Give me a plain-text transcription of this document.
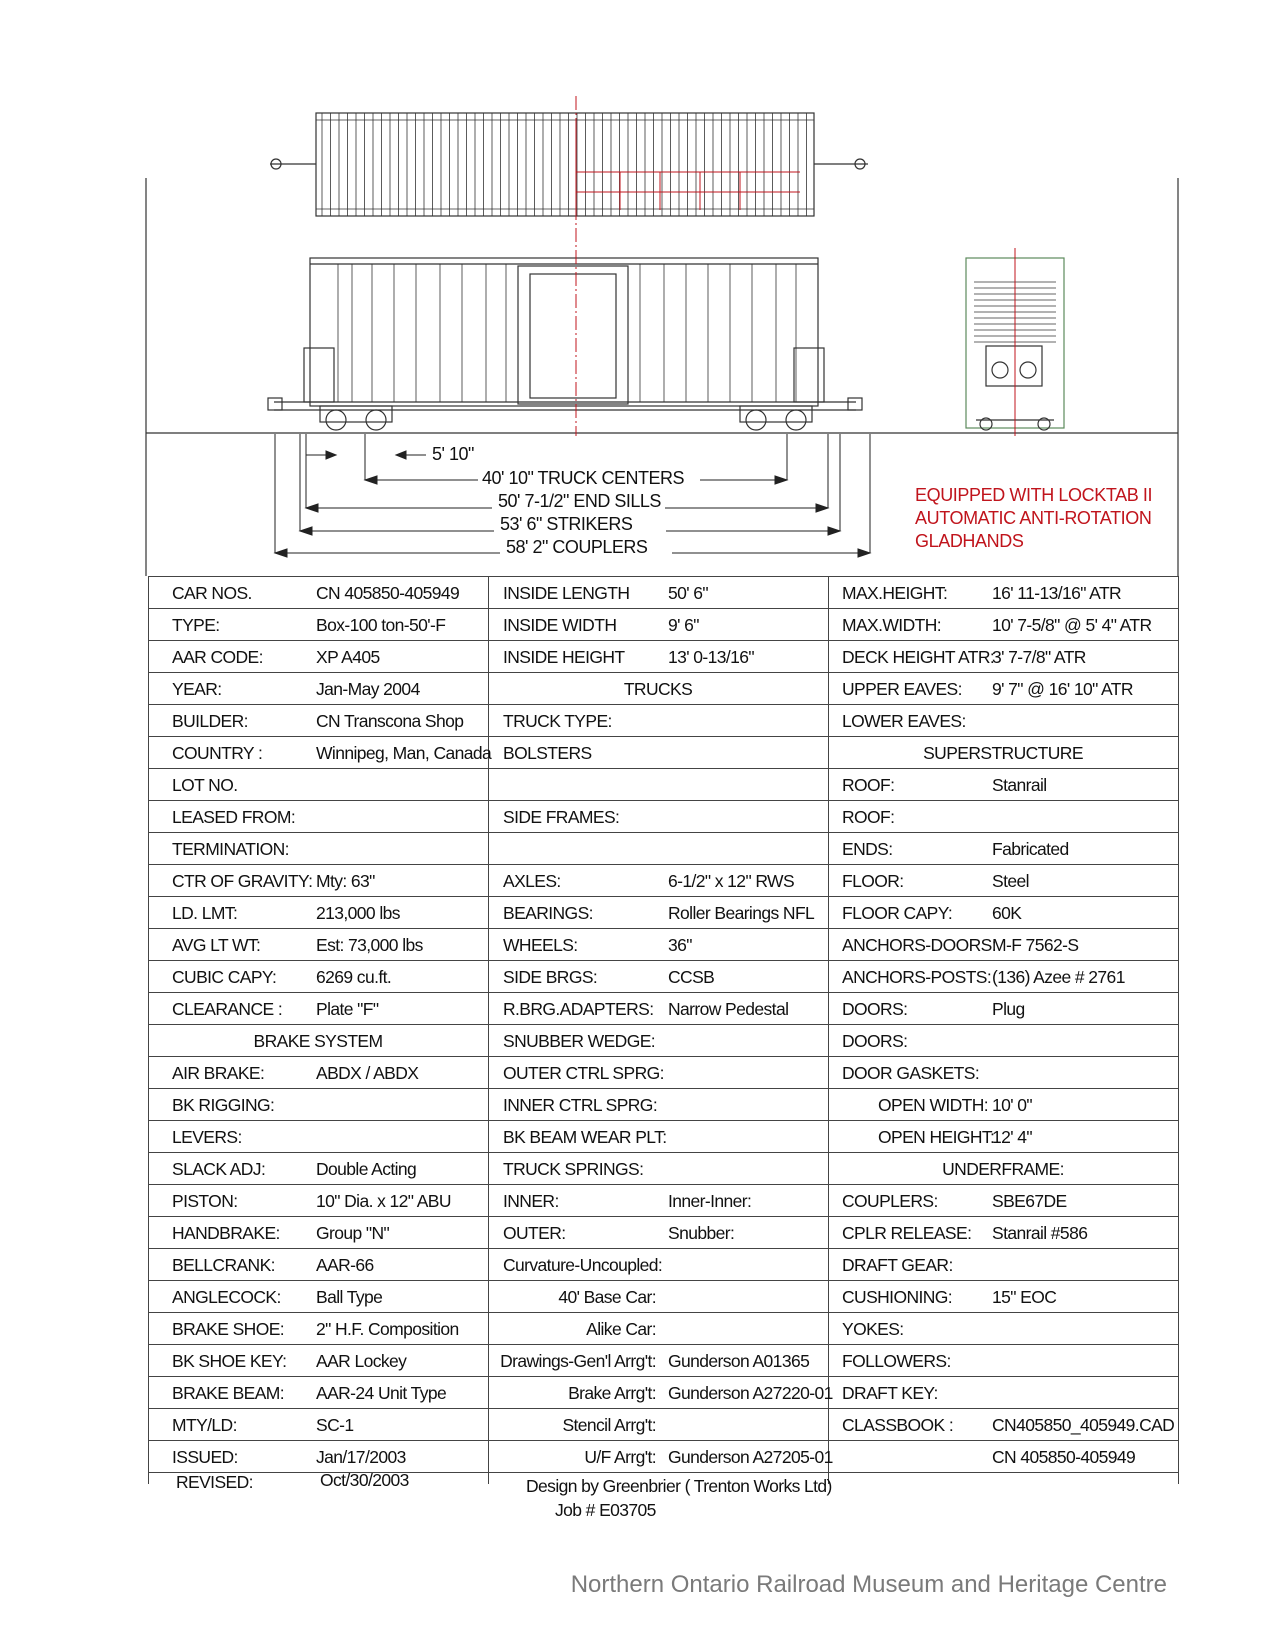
5' 10"
40' 10" TRUCK CENTERS
50' 7-1/2" END SILLS
53' 6" STRIKERS
58' 2" COUPLERS
EQUIPPED WITH LOCKTAB II
AUTOMATIC ANTI-ROTATION
GLADHANDS
CAR NOS.	CN 405850-405949
TYPE:	Box-100 ton-50'-F
AAR CODE:	XP A405
YEAR:	Jan-May 2004
BUILDER:	CN Transcona Shop
COUNTRY :	Winnipeg, Man, Canada
LOT NO.
LEASED FROM:
TERMINATION:
CTR OF GRAVITY: Mty: 63"
LD. LMT:	213,000 lbs
AVG LT WT:	Est: 73,000 lbs
CUBIC CAPY: 6269 cu.ft.
CLEARANCE : Plate "F"
BRAKE SYSTEM
AIR BRAKE:	ABDX / ABDX
BK RIGGING:
LEVERS:
SLACK ADJ:	Double Acting
PISTON:	10" Dia. x 12" ABU
HANDBRAKE: Group "N"
BELLCRANK: AAR-66
ANGLECOCK: Ball Type
BRAKE SHOE: 2" H.F. Composition
BK SHOE KEY: AAR Lockey
BRAKE BEAM: AAR-24 Unit Type
MTY/LD:	SC-1
ISSUED:	Jan/17/2003
INSIDE LENGTH 50' 6"
INSIDE WIDTH	9' 6"
INSIDE HEIGHT 13' 0-13/16"
TRUCKS
TRUCK TYPE:
BOLSTERS
SIDE FRAMES:
AXLES:	6-1/2" x 12" RWS
BEARINGS:	Roller Bearings NFL
WHEELS:	36"
SIDE BRGS:	CCSB
R.BRG.ADAPTERS: Narrow Pedestal
SNUBBER WEDGE:
OUTER CTRL SPRG:
INNER CTRL SPRG:
BK BEAM WEAR PLT:
TRUCK SPRINGS:
INNER:	Inner-Inner:
OUTER:	Snubber:
Curvature-Uncoupled:
40' Base Car:
Alike Car:
Drawings-Gen'l Arrg't: Gunderson A01365
Brake Arrg't: Gunderson A27220-01
Stencil Arrg't:
U/F Arrg't: Gunderson A27205-01
MAX.HEIGHT:	16' 11-13/16" ATR
MAX.WIDTH:	10' 7-5/8" @ 5' 4" ATR
DECK HEIGHT ATR:
3' 7-7/8" ATR
UPPER EAVES: 9' 7" @ 16' 10" ATR
LOWER EAVES:
SUPERSTRUCTURE
ROOF:	Stanrail
ROOF:
ENDS:	Fabricated
FLOOR:	Steel
FLOOR CAPY: 60K
ANCHORS-DOORS:
M-F 7562-S
ANCHORS-POSTS: (136) Azee # 2761
DOORS:	Plug
DOORS:
DOOR GASKETS:
OPEN WIDTH: 10' 0"
OPEN HEIGHT:
12' 4"
UNDERFRAME:
COUPLERS:	SBE67DE
CPLR RELEASE: Stanrail #586
DRAFT GEAR:
CUSHIONING: 15" EOC
YOKES:
FOLLOWERS:
DRAFT KEY:
CLASSBOOK : CN405850_405949.CAD
CN 405850-405949
REVISED:	Oct/30/2003	Design by Greenbrier ( Trenton Works Ltd)
Job # E03705
Northern Ontario Railroad Museum and Heritage Centre
